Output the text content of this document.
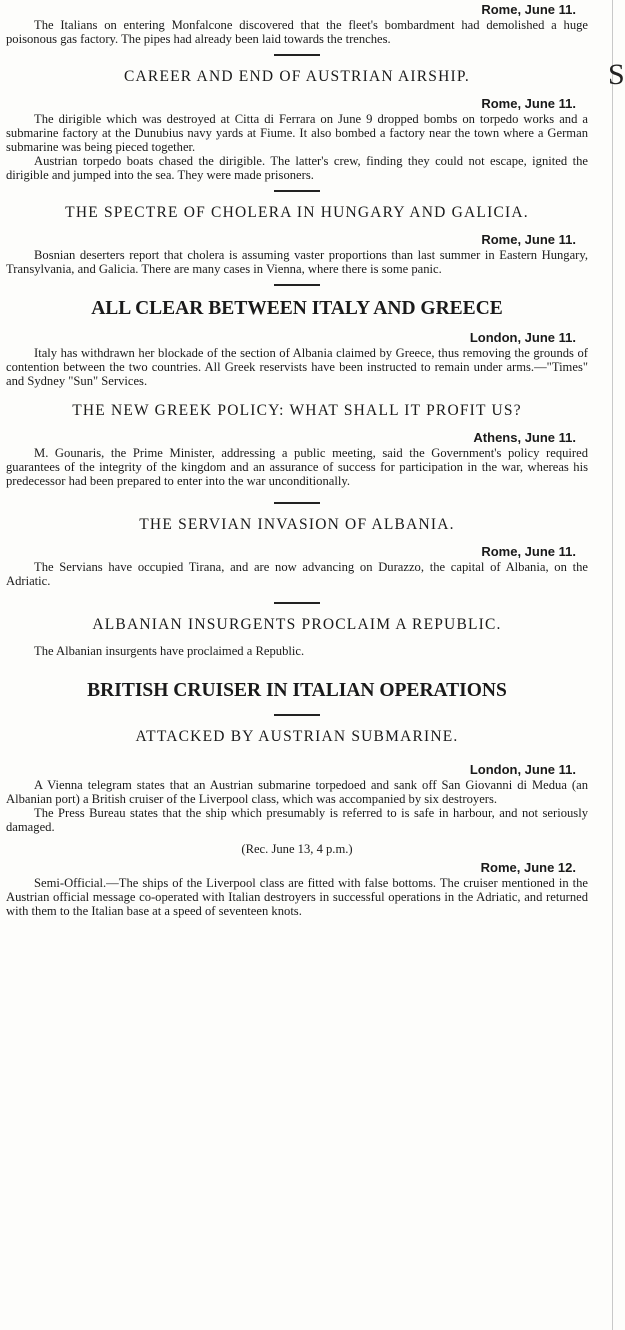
S
Rome, June 11.

The Italians on entering Monfalcone discovered that the fleet's bombardment had demolished a huge poisonous gas factory. The pipes had already been laid towards the trenches.

CAREER AND END OF AUSTRIAN AIRSHIP.
Rome, June 11.

The dirigible which was destroyed at Citta di Ferrara on June 9 dropped bombs on torpedo works and a submarine factory at the Dunubius navy yards at Fiume. It also bombed a factory near the town where a German submarine was being pieced together.

Austrian torpedo boats chased the dirigible. The latter's crew, finding they could not escape, ignited the dirigible and jumped into the sea. They were made prisoners.

THE SPECTRE OF CHOLERA IN HUNGARY AND GALICIA.
Rome, June 11.

Bosnian deserters report that cholera is assuming vaster proportions than last summer in Eastern Hungary, Transylvania, and Galicia. There are many cases in Vienna, where there is some panic.

ALL CLEAR BETWEEN ITALY AND GREECE
London, June 11.

Italy has withdrawn her blockade of the section of Albania claimed by Greece, thus removing the grounds of contention between the two countries. All Greek reservists have been instructed to remain under arms.—"Times" and Sydney "Sun" Services.

THE NEW GREEK POLICY: WHAT SHALL IT PROFIT US?
Athens, June 11.

M. Gounaris, the Prime Minister, addressing a public meeting, said the Government's policy required guarantees of the integrity of the kingdom and an assurance of success for participation in the war, whereas his predecessor had been prepared to enter into the war unconditionally.

THE SERVIAN INVASION OF ALBANIA.
Rome, June 11.

The Servians have occupied Tirana, and are now advancing on Durazzo, the capital of Albania, on the Adriatic.

ALBANIAN INSURGENTS PROCLAIM A REPUBLIC.

The Albanian insurgents have proclaimed a Republic.

BRITISH CRUISER IN ITALIAN OPERATIONS
ATTACKED BY AUSTRIAN SUBMARINE.
London, June 11.

A Vienna telegram states that an Austrian submarine torpedoed and sank off San Giovanni di Medua (an Albanian port) a British cruiser of the Liverpool class, which was accompanied by six destroyers.

The Press Bureau states that the ship which presumably is referred to is safe in harbour, and not seriously damaged.

(Rec. June 13, 4 p.m.)
Rome, June 12.

Semi-Official.—The ships of the Liverpool class are fitted with false bottoms. The cruiser mentioned in the Austrian official message co-operated with Italian destroyers in successful operations in the Adriatic, and returned with them to the Italian base at a speed of seventeen knots.
